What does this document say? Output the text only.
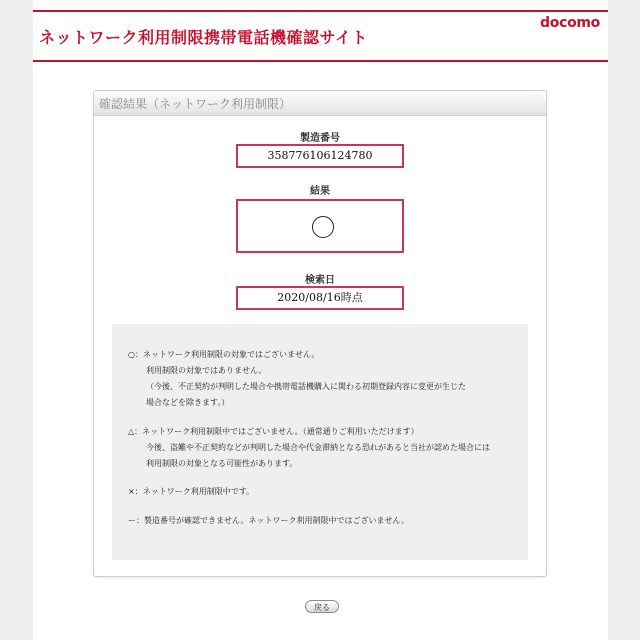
ネットワーク利用制限携帯電話機確認サイト
docomo
確認結果（ネットワーク利用制限）
製造番号
358776106124780
結果
検索日
2020/08/16時点
○：ネットワーク利用制限の対象ではございません。
利用制限の対象ではありません。
（今後、不正契約が判明した場合や携帯電話機購入に関わる初期登録内容に変更が生じた
場合などを除きます。）
△：ネットワーク利用制限中ではございません。（通常通りご利用いただけます）
今後、盗難や不正契約などが判明した場合や代金滞納となる恐れがあると当社が認めた場合には
利用制限の対象となる可能性があります。
×：ネットワーク利用制限中です。
ー：製造番号が確認できません。ネットワーク利用制限中ではございません。
戻る
